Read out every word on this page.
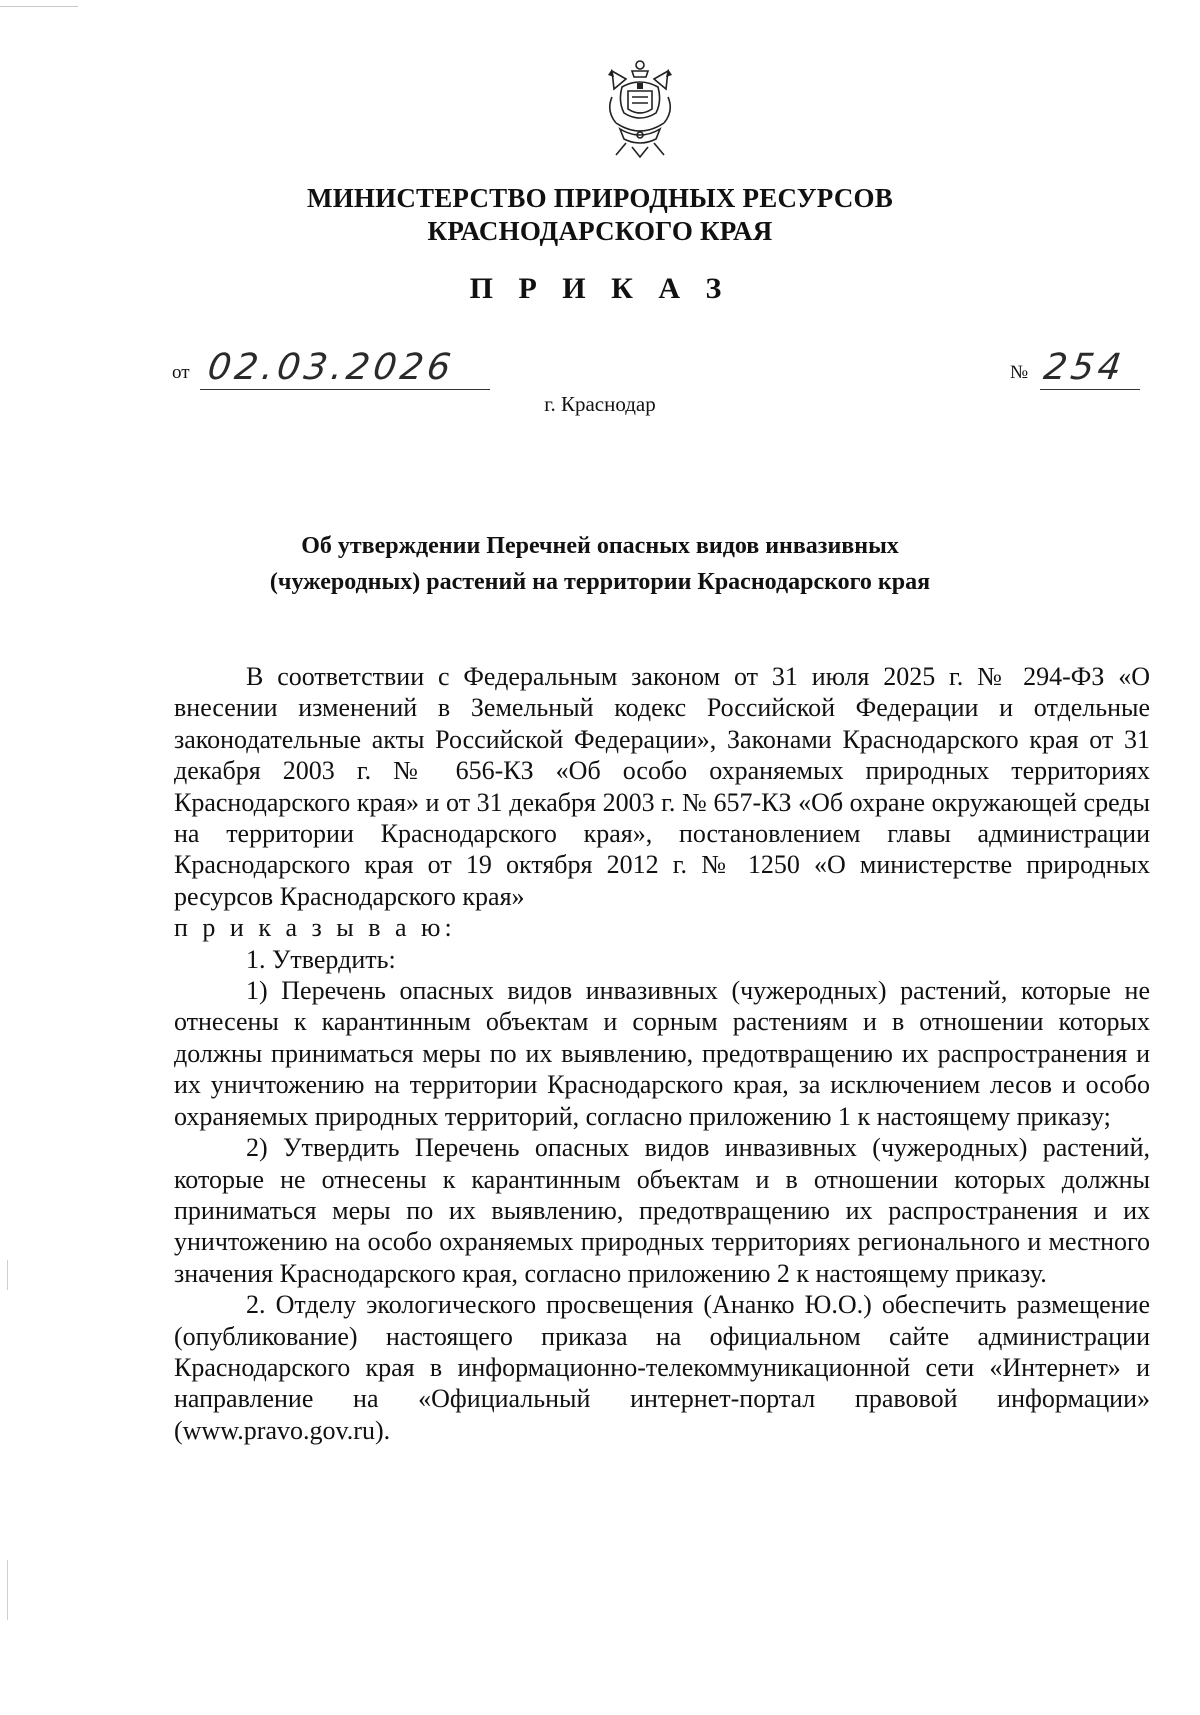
МИНИСТЕРСТВО ПРИРОДНЫХ РЕСУРСОВ
КРАСНОДАРСКОГО КРАЯ
П Р И К А З
от 02.03.2026	№ 254
г. Краснодар
Об утверждении Перечней опасных видов инвазивных
(чужеродных) растений на территории Краснодарского края

В соответствии с Федеральным законом от 31 июля 2025 г. № 294-ФЗ «О внесении изменений в Земельный кодекс Российской Федерации и отдельные законодательные акты Российской Федерации», Законами Краснодарского края от 31 декабря 2003 г. № 656-КЗ «Об особо охраняемых природных территориях Краснодарского края» и от 31 декабря 2003 г. № 657-КЗ «Об охране окружающей среды на территории Краснодарского края», постановлением главы администрации Краснодарского края от 19 октября 2012 г. № 1250 «О министерстве природных ресурсов Краснодарского края»

п р и к а з ы в а ю:

1. Утвердить:

1) Перечень опасных видов инвазивных (чужеродных) растений, которые не отнесены к карантинным объектам и сорным растениям и в отношении которых должны приниматься меры по их выявлению, предотвращению их распространения и их уничтожению на территории Краснодарского края, за исключением лесов и особо охраняемых природных территорий, согласно приложению 1 к настоящему приказу;

2) Утвердить Перечень опасных видов инвазивных (чужеродных) растений, которые не отнесены к карантинным объектам и в отношении которых должны приниматься меры по их выявлению, предотвращению их распространения и их уничтожению на особо охраняемых природных территориях регионального и местного значения Краснодарского края, согласно приложению 2 к настоящему приказу.

2. Отделу экологического просвещения (Ананко Ю.О.) обеспечить размещение (опубликование) настоящего приказа на официальном сайте администрации Краснодарского края в информационно-телекоммуникационной сети «Интернет» и направление на «Официальный интернет-портал правовой информации» (www.pravo.gov.ru).
